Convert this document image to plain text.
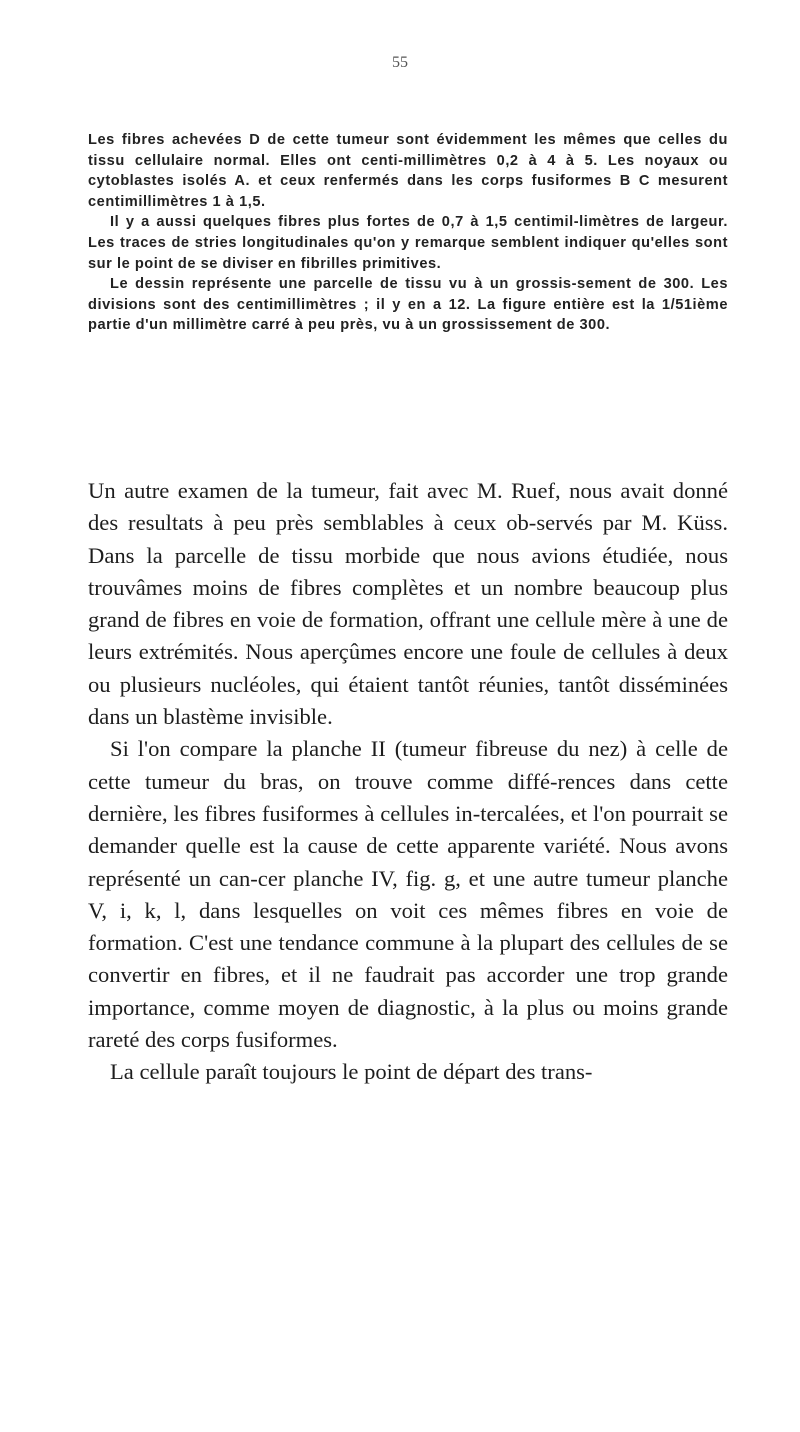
55

Les fibres achevées D de cette tumeur sont évidemment les mêmes que celles du tissu cellulaire normal. Elles ont centi-millimètres 0,2 à 4 à 5. Les noyaux ou cytoblastes isolés A. et ceux renfermés dans les corps fusiformes B C mesurent centimillimètres 1 à 1,5.

Il y a aussi quelques fibres plus fortes de 0,7 à 1,5 centimil-limètres de largeur. Les traces de stries longitudinales qu'on y remarque semblent indiquer qu'elles sont sur le point de se diviser en fibrilles primitives.

Le dessin représente une parcelle de tissu vu à un grossis-sement de 300. Les divisions sont des centimillimètres ; il y en a 12. La figure entière est la 1/51ième partie d'un millimètre carré à peu près, vu à un grossissement de 300.

Un autre examen de la tumeur, fait avec M. Ruef, nous avait donné des resultats à peu près semblables à ceux ob-servés par M. Küss. Dans la parcelle de tissu morbide que nous avions étudiée, nous trouvâmes moins de fibres complètes et un nombre beaucoup plus grand de fibres en voie de formation, offrant une cellule mère à une de leurs extrémités. Nous aperçûmes encore une foule de cellules à deux ou plusieurs nucléoles, qui étaient tantôt réunies, tantôt disséminées dans un blastème invisible.

Si l'on compare la planche II (tumeur fibreuse du nez) à celle de cette tumeur du bras, on trouve comme diffé-rences dans cette dernière, les fibres fusiformes à cellules in-tercalées, et l'on pourrait se demander quelle est la cause de cette apparente variété. Nous avons représenté un can-cer planche IV, fig. g, et une autre tumeur planche V, i, k, l, dans lesquelles on voit ces mêmes fibres en voie de formation. C'est une tendance commune à la plupart des cellules de se convertir en fibres, et il ne faudrait pas accorder une trop grande importance, comme moyen de diagnostic, à la plus ou moins grande rareté des corps fusiformes.

La cellule paraît toujours le point de départ des trans-
